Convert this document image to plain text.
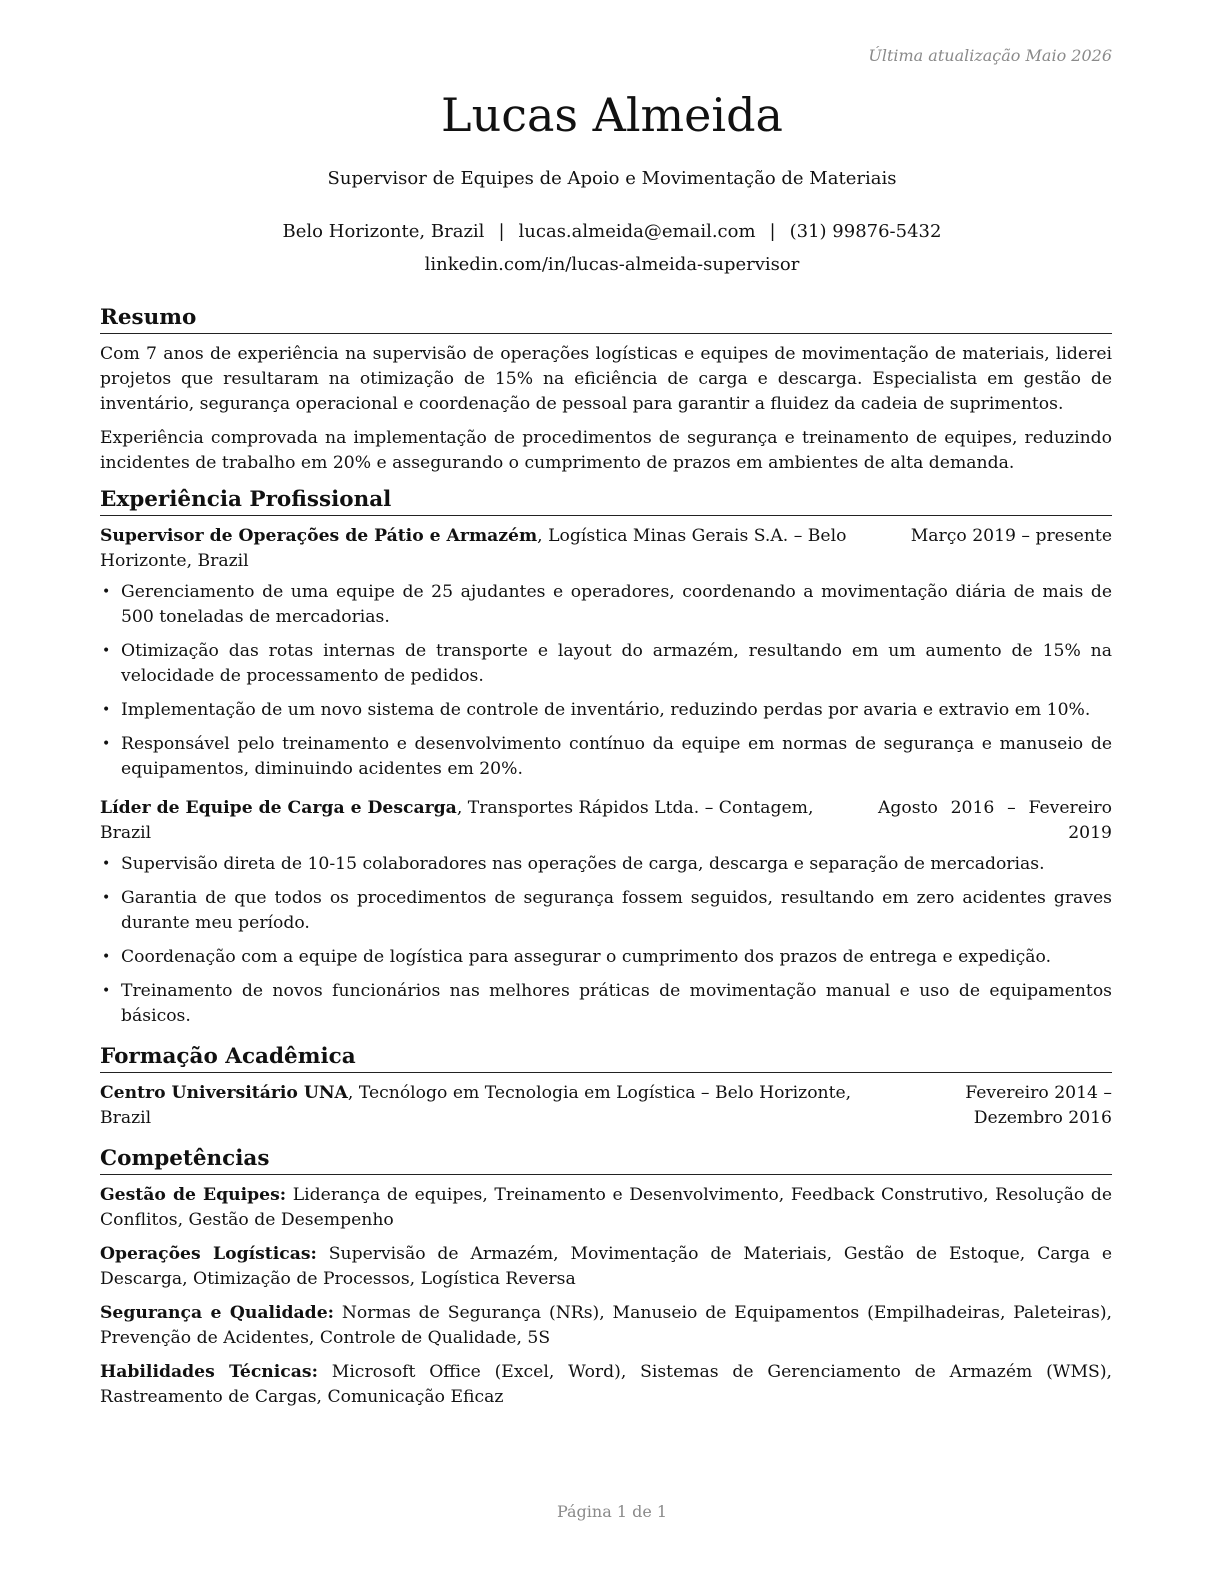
Última atualização Maio 2026
Lucas Almeida
Supervisor de Equipes de Apoio e Movimentação de Materiais
Belo Horizonte, Brazil | lucas.almeida@email.com | (31) 99876-5432
linkedin.com/in/lucas-almeida-supervisor
Resumo

Com 7 anos de experiência na supervisão de operações logísticas e equipes de movimentação de materiais, liderei projetos que resultaram na otimização de 15% na eficiência de carga e descarga. Especialista em gestão de inventário, segurança operacional e coordenação de pessoal para garantir a fluidez da cadeia de suprimentos.

Experiência comprovada na implementação de procedimentos de segurança e treinamento de equipes, reduzindo incidentes de trabalho em 20% e assegurando o cumprimento de prazos em ambientes de alta demanda.

Experiência Profissional
Supervisor de Operações de Pátio e Armazém, Logística Minas Gerais S.A. – Belo Horizonte, Brazil
Março 2019 – presente
• Gerenciamento de uma equipe de 25 ajudantes e operadores, coordenando a movimentação diária de mais de 500 toneladas de mercadorias.
• Otimização das rotas internas de transporte e layout do armazém, resultando em um aumento de 15% na velocidade de processamento de pedidos.
• Implementação de um novo sistema de controle de inventário, reduzindo perdas por avaria e extravio em 10%.
• Responsável pelo treinamento e desenvolvimento contínuo da equipe em normas de segurança e manuseio de equipamentos, diminuindo acidentes em 20%.
Líder de Equipe de Carga e Descarga, Transportes Rápidos Ltda. – Contagem, Brazil
Agosto 2016 – Fevereiro 2019
• Supervisão direta de 10-15 colaboradores nas operações de carga, descarga e separação de mercadorias.
• Garantia de que todos os procedimentos de segurança fossem seguidos, resultando em zero acidentes graves durante meu período.
• Coordenação com a equipe de logística para assegurar o cumprimento dos prazos de entrega e expedição.
• Treinamento de novos funcionários nas melhores práticas de movimentação manual e uso de equipamentos básicos.
Formação Acadêmica
Centro Universitário UNA, Tecnólogo em Tecnologia em Logística – Belo Horizonte, Brazil
Fevereiro 2014 – Dezembro 2016
Competências

Gestão de Equipes: Liderança de equipes, Treinamento e Desenvolvimento, Feedback Construtivo, Resolução de Conflitos, Gestão de Desempenho

Operações Logísticas: Supervisão de Armazém, Movimentação de Materiais, Gestão de Estoque, Carga e Descarga, Otimização de Processos, Logística Reversa

Segurança e Qualidade: Normas de Segurança (NRs), Manuseio de Equipamentos (Empilhadeiras, Paleteiras), Prevenção de Acidentes, Controle de Qualidade, 5S

Habilidades Técnicas: Microsoft Office (Excel, Word), Sistemas de Gerenciamento de Armazém (WMS), Rastreamento de Cargas, Comunicação Eficaz

Página 1 de 1
